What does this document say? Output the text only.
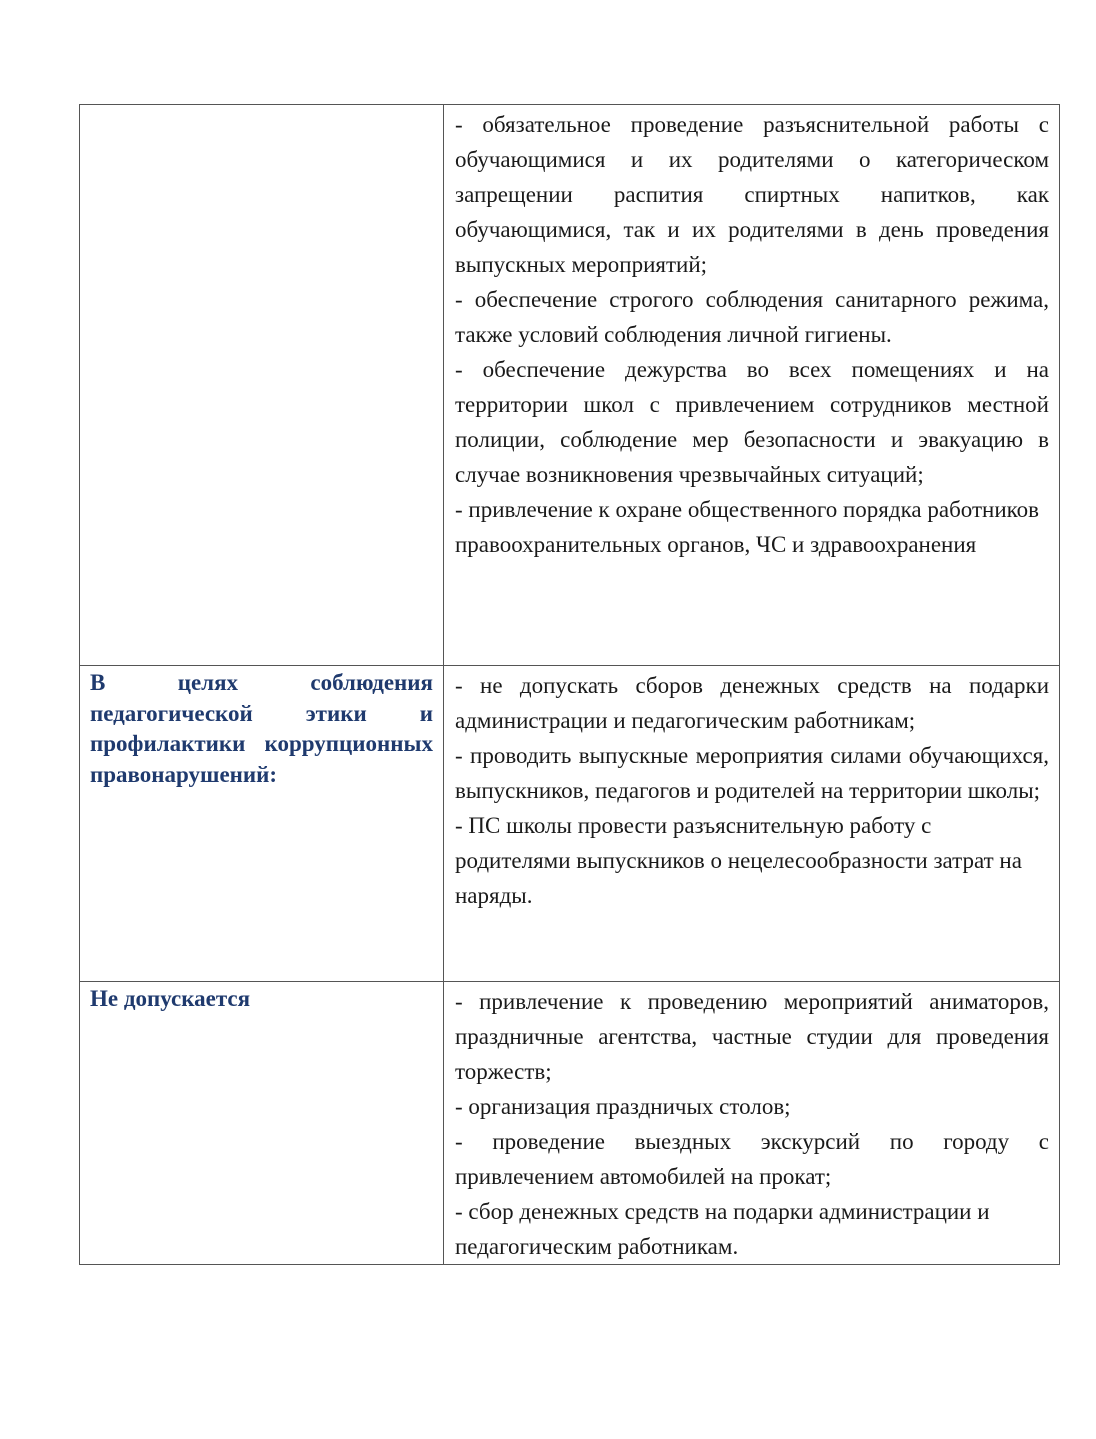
	- обязательное проведение разъяснительной работы с обучающимися и их родителями о категорическом запрещении распития спиртных напитков, как обучающимися, так и их родителями в день проведения выпускных мероприятий;

- обеспечение строгого соблюдения санитарного режима, также условий соблюдения личной гигиены.

- обеспечение дежурства во всех помещениях и на территории школ с привлечением сотрудников местной полиции, соблюдение мер безопасности и эвакуацию в случае возникновения чрезвычайных ситуаций;

- привлечение к охране общественного порядка работников правоохранительных органов, ЧС и здравоохранения

В целях соблюдения педагогической этики и профилактики коррупционных правонарушений:	- не допускать сборов денежных средств на подарки администрации и педагогическим работникам;

- проводить выпускные мероприятия силами обучающихся, выпускников, педагогов и родителей на территории школы;

- ПС школы провести разъяснительную работу с родителями выпускников о нецелесообразности затрат на наряды.

Не допускается	- привлечение к проведению мероприятий аниматоров, праздничные агентства, частные студии для проведения торжеств;

- организация праздничых столов;

- проведение выездных экскурсий по городу с привлечением автомобилей на прокат;

- сбор денежных средств на подарки администрации и педагогическим работникам.
